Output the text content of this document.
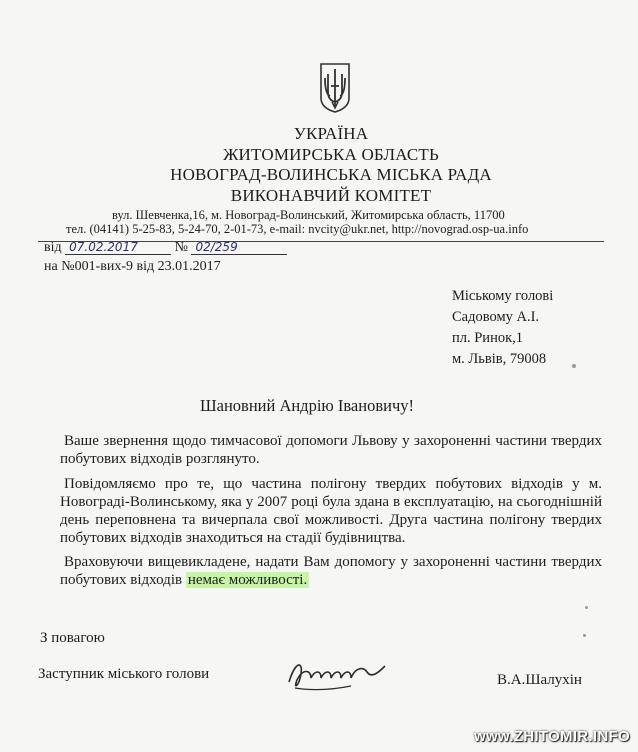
УКРАЇНА
ЖИТОМИРСЬКА ОБЛАСТЬ
НОВОГРАД-ВОЛИНСЬКА МІСЬКА РАДА
ВИКОНАВЧИЙ КОМІТЕТ
вул. Шевченка,16, м. Новоград-Волинський, Житомирська область, 11700
тел. (04141) 5-25-83, 5-24-70, 2-01-73, e-mail: nvcity@ukr.net, http://novograd.osp-ua.info
від 07.02.2017	№ 02/259
на №001-вих-9 від 23.01.2017
Міському голові
Садовому А.І.
пл. Ринок,1
м. Львів, 79008
Шановний Андрію Івановичу!
Ваше звернення щодо тимчасової допомоги Львову у захороненні частини твердих побутових відходів розглянуто.
Повідомляємо про те, що частина полігону твердих побутових відходів у м. Новограді-Волинському, яка у 2007 році була здана в експлуатацію, на сьогоднішній день переповнена та вичерпала свої можливості. Друга частина полігону твердих побутових відходів знаходиться на стадії будівництва.
Враховуючи вищевикладене, надати Вам допомогу у захороненні частини твердих побутових відходів немає можливості.
З повагою
Заступник міського голови	В.А.Шалухін
www.ZHITOMIR.INFO
